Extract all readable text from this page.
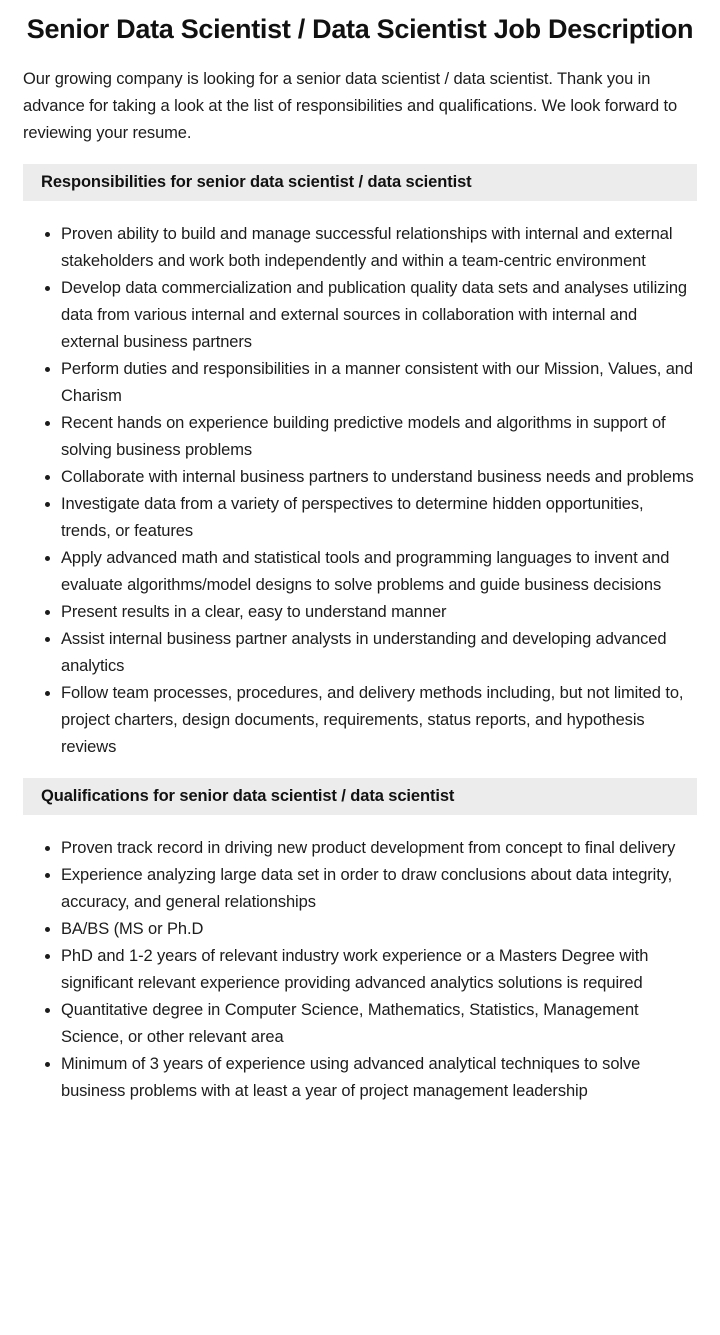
Senior Data Scientist / Data Scientist Job Description

Our growing company is looking for a senior data scientist / data scientist. Thank you in advance for taking a look at the list of responsibilities and qualifications. We look forward to reviewing your resume.

Responsibilities for senior data scientist / data scientist
Proven ability to build and manage successful relationships with internal and external stakeholders and work both independently and within a team-centric environment
Develop data commercialization and publication quality data sets and analyses utilizing data from various internal and external sources in collaboration with internal and external business partners
Perform duties and responsibilities in a manner consistent with our Mission, Values, and Charism
Recent hands on experience building predictive models and algorithms in support of solving business problems
Collaborate with internal business partners to understand business needs and problems
Investigate data from a variety of perspectives to determine hidden opportunities, trends, or features
Apply advanced math and statistical tools and programming languages to invent and evaluate algorithms/model designs to solve problems and guide business decisions
Present results in a clear, easy to understand manner
Assist internal business partner analysts in understanding and developing advanced analytics
Follow team processes, procedures, and delivery methods including, but not limited to, project charters, design documents, requirements, status reports, and hypothesis reviews
Qualifications for senior data scientist / data scientist
Proven track record in driving new product development from concept to final delivery
Experience analyzing large data set in order to draw conclusions about data integrity, accuracy, and general relationships
BA/BS (MS or Ph.D
PhD and 1-2 years of relevant industry work experience or a Masters Degree with significant relevant experience providing advanced analytics solutions is required
Quantitative degree in Computer Science, Mathematics, Statistics, Management Science, or other relevant area
Minimum of 3 years of experience using advanced analytical techniques to solve business problems with at least a year of project management leadership
